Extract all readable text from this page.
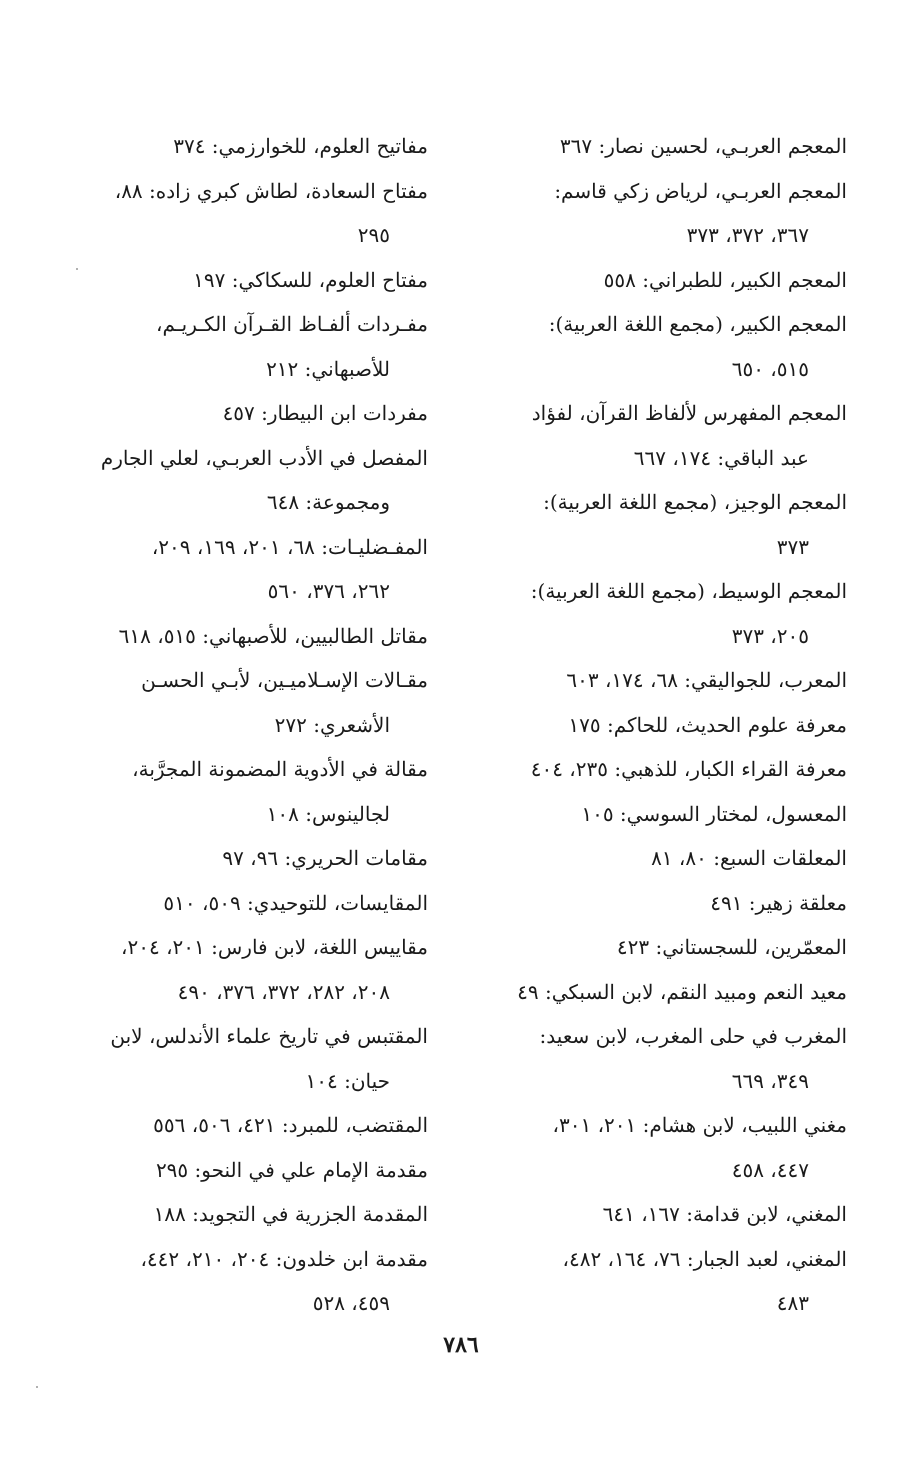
المعجم العربـي، لحسين نصار: ٣٦٧
المعجم العربـي، لرياض زكي قاسم:

٣٦٧، ٣٧٢، ٣٧٣
المعجم الكبير، للطبراني: ٥٥٨
المعجم الكبير، (مجمع اللغة العربية):

٥١٥، ٦٥٠
المعجم المفهرس لألفاظ القرآن، لفؤاد

عبد الباقي: ١٧٤، ٦٦٧
المعجم الوجيز، (مجمع اللغة العربية):

٣٧٣
المعجم الوسيط، (مجمع اللغة العربية):

٢٠٥، ٣٧٣
المعرب، للجواليقي: ٦٨، ١٧٤، ٦٠٣
معرفة علوم الحديث، للحاكم: ١٧٥
معرفة القراء الكبار، للذهبي: ٢٣٥، ٤٠٤
المعسول، لمختار السوسي: ١٠٥
المعلقات السبع: ٨٠، ٨١
معلقة زهير: ٤٩١
المعمّرين، للسجستاني: ٤٢٣
معيد النعم ومبيد النقم، لابن السبكي: ٤٩
المغرب في حلى المغرب، لابن سعيد:

٣٤٩، ٦٦٩
مغني اللبيب، لابن هشام: ٢٠١، ٣٠١،

٤٤٧، ٤٥٨
المغني، لابن قدامة: ١٦٧، ٦٤١
المغني، لعبد الجبار: ٧٦، ١٦٤، ٤٨٢،

٤٨٣
مفاتيح العلوم، للخوارزمي: ٣٧٤
مفتاح السعادة، لطاش كبري زاده: ٨٨،

٢٩٥
مفتاح العلوم، للسكاكي: ١٩٧
مفـردات ألفـاظ القـرآن الكـريـم،

للأصبهاني: ٢١٢
مفردات ابن البيطار: ٤٥٧
المفصل في الأدب العربـي، لعلي الجارم

ومجموعة: ٦٤٨
المفـضليـات: ٦٨، ٢٠١، ١٦٩، ٢٠٩،

٢٦٢، ٣٧٦، ٥٦٠
مقاتل الطالبيين، للأصبهاني: ٥١٥، ٦١٨
مقـالات الإسـلاميـين، لأبـي الحسـن

الأشعري: ٢٧٢
مقالة في الأدوية المضمونة المجرَّبة،

لجالينوس: ١٠٨
مقامات الحريري: ٩٦، ٩٧
المقايسات، للتوحيدي: ٥٠٩، ٥١٠
مقاييس اللغة، لابن فارس: ٢٠١، ٢٠٤،

٢٠٨، ٢٨٢، ٣٧٢، ٣٧٦، ٤٩٠
المقتبس في تاريخ علماء الأندلس، لابن

حيان: ١٠٤
المقتضب، للمبرد: ٤٢١، ٥٠٦، ٥٥٦
مقدمة الإمام علي في النحو: ٢٩٥
المقدمة الجزرية في التجويد: ١٨٨
مقدمة ابن خلدون: ٢٠٤، ٢١٠، ٤٤٢،

٤٥٩، ٥٢٨
٧٨٦
